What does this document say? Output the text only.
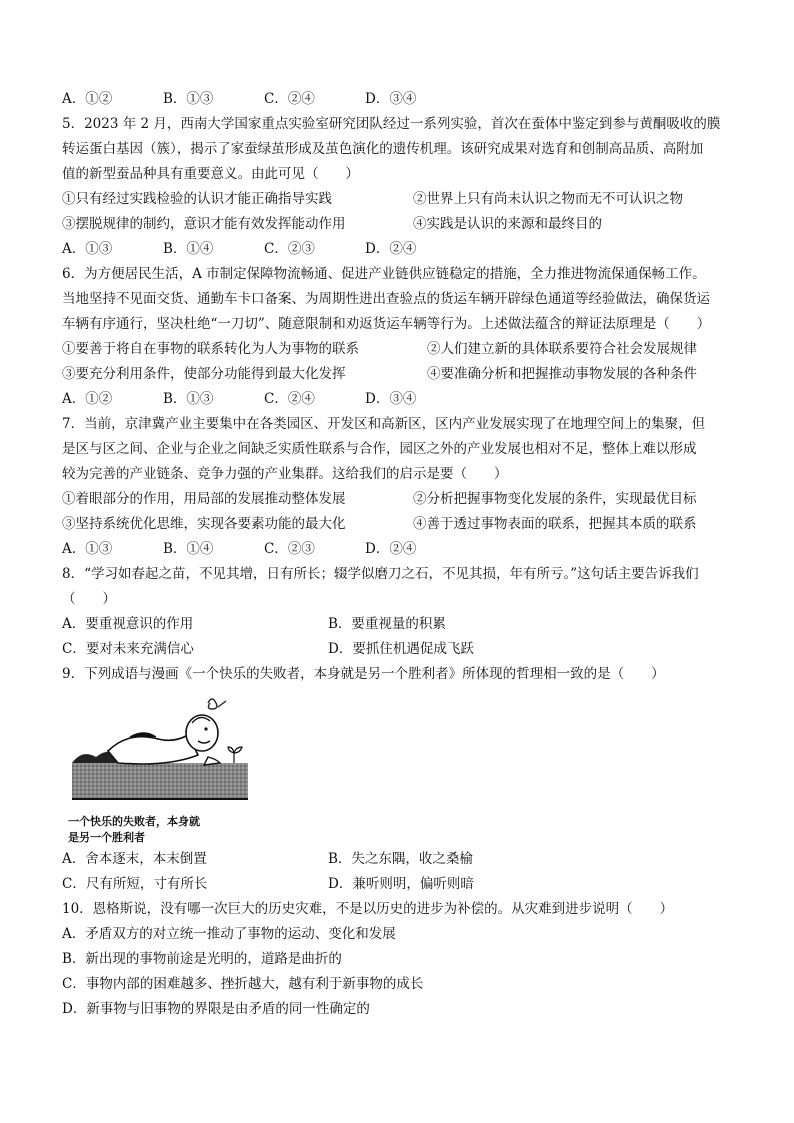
A．①②	B．①③	C．②④	D．③④

5．2023 年 2 月，西南大学国家重点实验室研究团队经过一系列实验，首次在蚕体中鉴定到参与黄酮吸收的膜

转运蛋白基因（簇），揭示了家蚕绿茧形成及茧色演化的遗传机理。该研究成果对选育和创制高品质、高附加

值的新型蚕品种具有重要意义。由此可见（　　）

①只有经过实践检验的认识才能正确指导实践	②世界上只有尚未认识之物而无不可认识之物
③摆脱规律的制约，意识才能有效发挥能动作用	④实践是认识的来源和最终目的

A．①③	B．①④	C．②③	D．②④

6．为方便居民生活，A 市制定保障物流畅通、促进产业链供应链稳定的措施，全力推进物流保通保畅工作。

当地坚持不见面交货、通勤车卡口备案、为周期性进出查验点的货运车辆开辟绿色通道等经验做法，确保货运

车辆有序通行，坚决杜绝“一刀切”、随意限制和劝返货运车辆等行为。上述做法蕴含的辩证法原理是（　　）

①要善于将自在事物的联系转化为人为事物的联系	②人们建立新的具体联系要符合社会发展规律
③要充分利用条件，使部分功能得到最大化发挥	④要准确分析和把握推动事物发展的各种条件

A．①②	B．①③	C．②④	D．③④

7．当前，京津冀产业主要集中在各类园区、开发区和高新区，区内产业发展实现了在地理空间上的集聚，但

是区与区之间、企业与企业之间缺乏实质性联系与合作，园区之外的产业发展也相对不足，整体上难以形成

较为完善的产业链条、竞争力强的产业集群。这给我们的启示是要（　　）

①着眼部分的作用，用局部的发展推动整体发展	②分析把握事物变化发展的条件，实现最优目标
③坚持系统优化思维，实现各要素功能的最大化	④善于透过事物表面的联系，把握其本质的联系

A．①③	B．①④	C．②③	D．②④

8．“学习如春起之苗，不见其增，日有所长；辍学似磨刀之石，不见其损，年有所亏。”这句话主要告诉我们

（　　）

A．要重视意识的作用	B．要重视量的积累

C．要对未来充满信心	D．要抓住机遇促成飞跃

9．下列成语与漫画《一个快乐的失败者，本身就是另一个胜利者》所体现的哲理相一致的是（　　）

一个快乐的失败者，本身就
是另一个胜利者

A．舍本逐末，本末倒置	B．失之东隅，收之桑榆

C．尺有所短，寸有所长	D．兼听则明，偏听则暗

10．恩格斯说，没有哪一次巨大的历史灾难，不是以历史的进步为补偿的。从灾难到进步说明（　　）

A．矛盾双方的对立统一推动了事物的运动、变化和发展

B．新出现的事物前途是光明的，道路是曲折的

C．事物内部的困难越多、挫折越大，越有利于新事物的成长

D．新事物与旧事物的界限是由矛盾的同一性确定的
